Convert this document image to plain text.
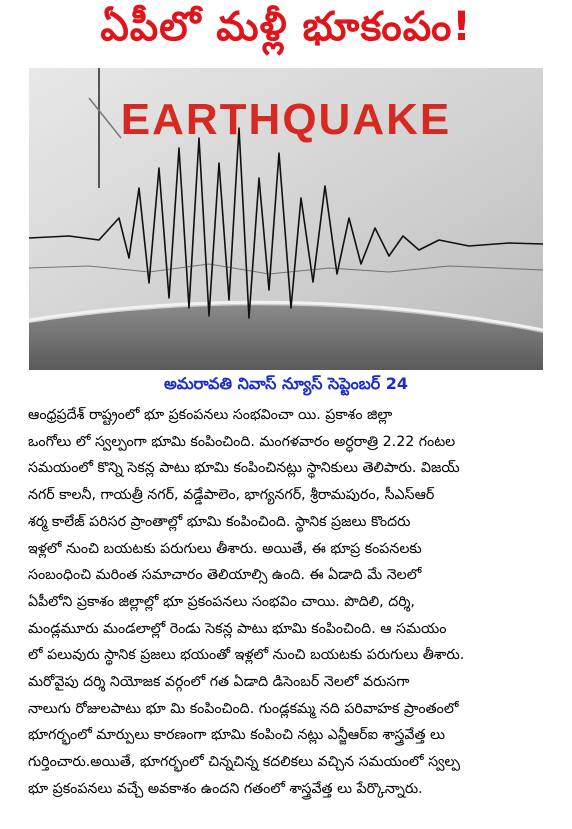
ఏపీలో మళ్లీ భూకంపం!
EARTHQUAKE
అమరావతి నివాస్ న్యూస్ సెప్టెంబర్ 24
ఆంధ్రప్రదేశ్ రాష్ట్రంలో భూ ప్రకంపనలు సంభవించా యి. ప్రకాశం జిల్లా
ఒంగోలు లో స్వల్పంగా భూమి కంపించింది. మంగళవారం అర్ధరాత్రి 2.22 గంటల
సమయంలో కొన్ని సెకన్ల పాటు భూమి కంపించినట్లు స్థానికులు తెలిపారు. విజయ్
నగర్ కాలనీ, గాయత్రీ నగర్, వడ్డేపాలెం, భాగ్యనగర్, శ్రీరామపురం, సీఎస్ఆర్
శర్మ కాలేజ్ పరిసర ప్రాంతాల్లో భూమి కంపించింది. స్థానిక ప్రజలు కొందరు
ఇళ్లలో నుంచి బయటకు పరుగులు తీశారు. అయితే, ఈ భూప్ర కంపనలకు
సంబంధించి మరింత సమాచారం తెలియాల్సి ఉంది. ఈ ఏడాది మే నెలలో
ఏపీలోని ప్రకాశం జిల్లాల్లో భూ ప్రకంపనలు సంభవిం చాయి. పొదిలి, దర్శి,
మండ్లమూరు మండలాల్లో రెండు సెకన్ల పాటు భూమి కంపించింది. ఆ సమయం
లో పలువురు స్థానిక ప్రజలు భయంతో ఇళ్లలో నుంచి బయటకు పరుగులు తీశారు.
మరోవైపు దర్శి నియోజక వర్గంలో గత ఏడాది డిసెంబర్ నెలలో వరుసగా
నాలుగు రోజులపాటు భూ మి కంపించింది. గుండ్లకమ్మ నది పరివాహక ప్రాంతంలో
భూగర్భంలో మార్పులు కారణంగా భూమి కంపించి నట్లు ఎన్జీఆర్ఐ శాస్త్రవేత్త లు
గుర్తించారు.అయితే, భూగర్భంలో చిన్నచిన్న కదలికలు వచ్చిన సమయంలో స్వల్ప
భూ ప్రకంపనలు వచ్చే అవకాశం ఉందని గతంలో శాస్త్రవేత్త లు పేర్కొన్నారు.
